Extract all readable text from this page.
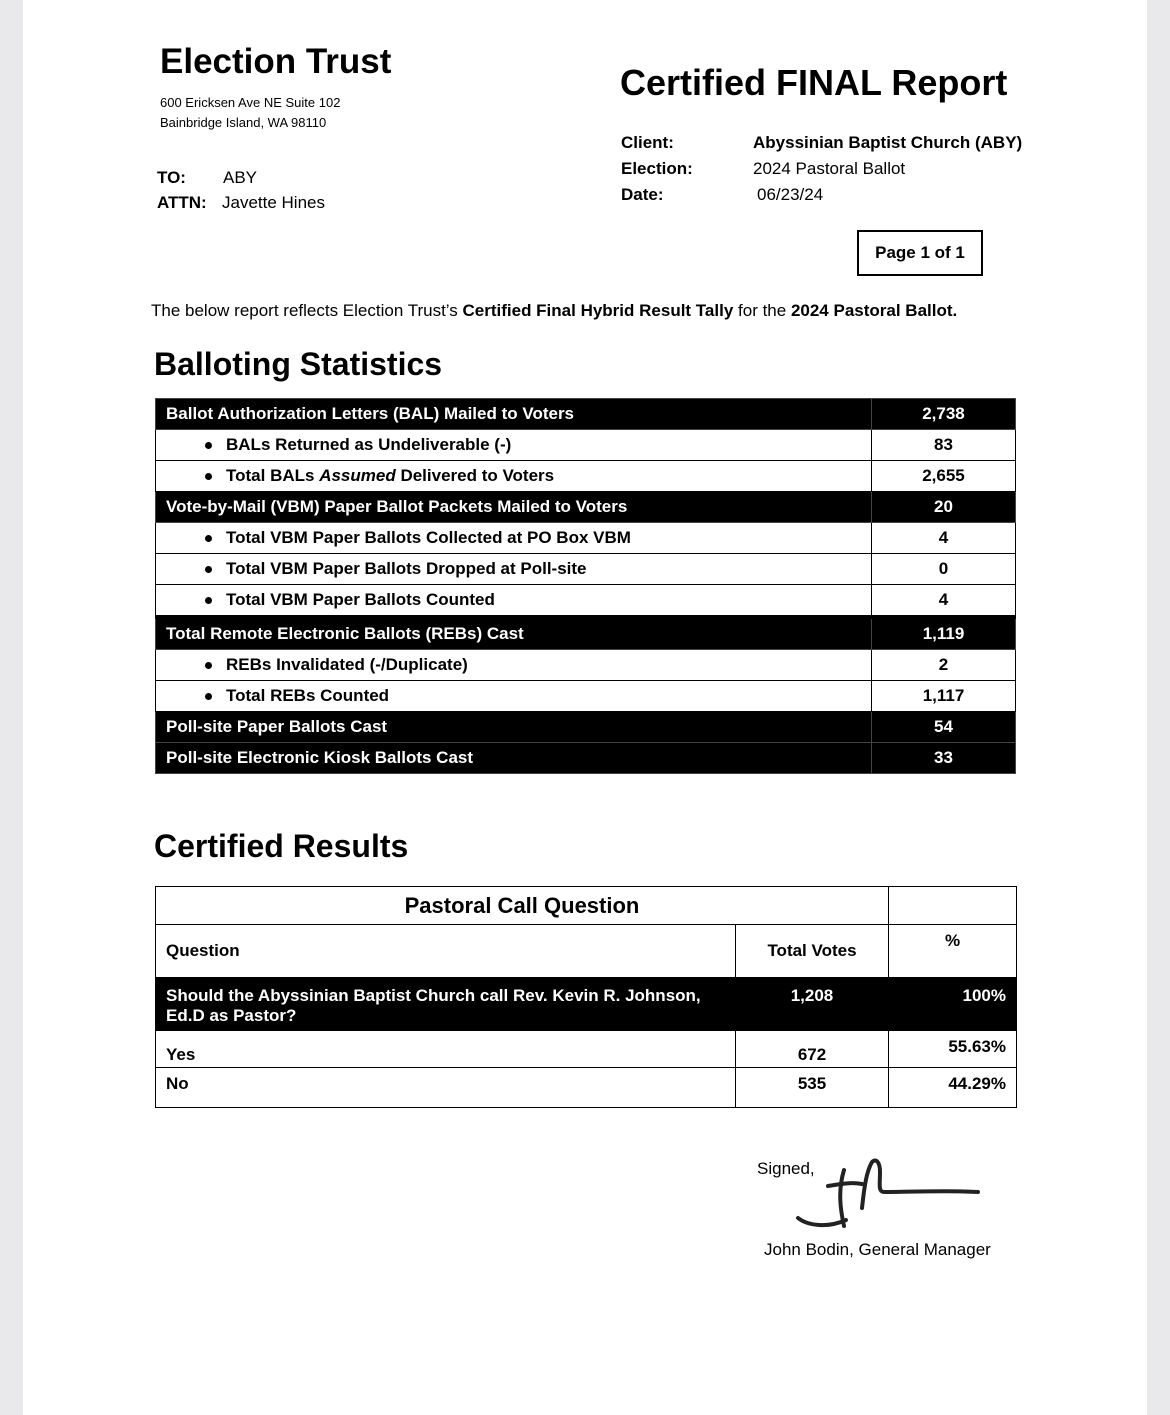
Election Trust
600 Ericksen Ave NE Suite 102
Bainbridge Island, WA 98110
TO: ABY
ATTN: Javette Hines
Certified FINAL Report
Client:	Abyssinian Baptist Church (ABY)
Election:	2024 Pastoral Ballot
Date:	06/23/24
Page 1 of 1
The below report reflects Election Trust’s Certified Final Hybrid Result Tally for the 2024 Pastoral Ballot.
Balloting Statistics
Ballot Authorization Letters (BAL) Mailed to Voters	2,738
BALs Returned as Undeliverable (-)	83
Total BALs Assumed Delivered to Voters	2,655
Vote-by-Mail (VBM) Paper Ballot Packets Mailed to Voters	20
Total VBM Paper Ballots Collected at PO Box VBM	4
Total VBM Paper Ballots Dropped at Poll-site	0
Total VBM Paper Ballots Counted	4
Total Remote Electronic Ballots (REBs) Cast	1,119
REBs Invalidated (-/Duplicate)	2
Total REBs Counted	1,117
Poll-site Paper Ballots Cast	54
Poll-site Electronic Kiosk Ballots Cast	33
Certified Results
Pastoral Call Question		
Question	Total Votes	%
Should the Abyssinian Baptist Church call Rev. Kevin R. Johnson,
Ed.D as Pastor?	1,208	100%
Yes	672	55.63%
No	535	44.29%
Signed,
John Bodin, General Manager
